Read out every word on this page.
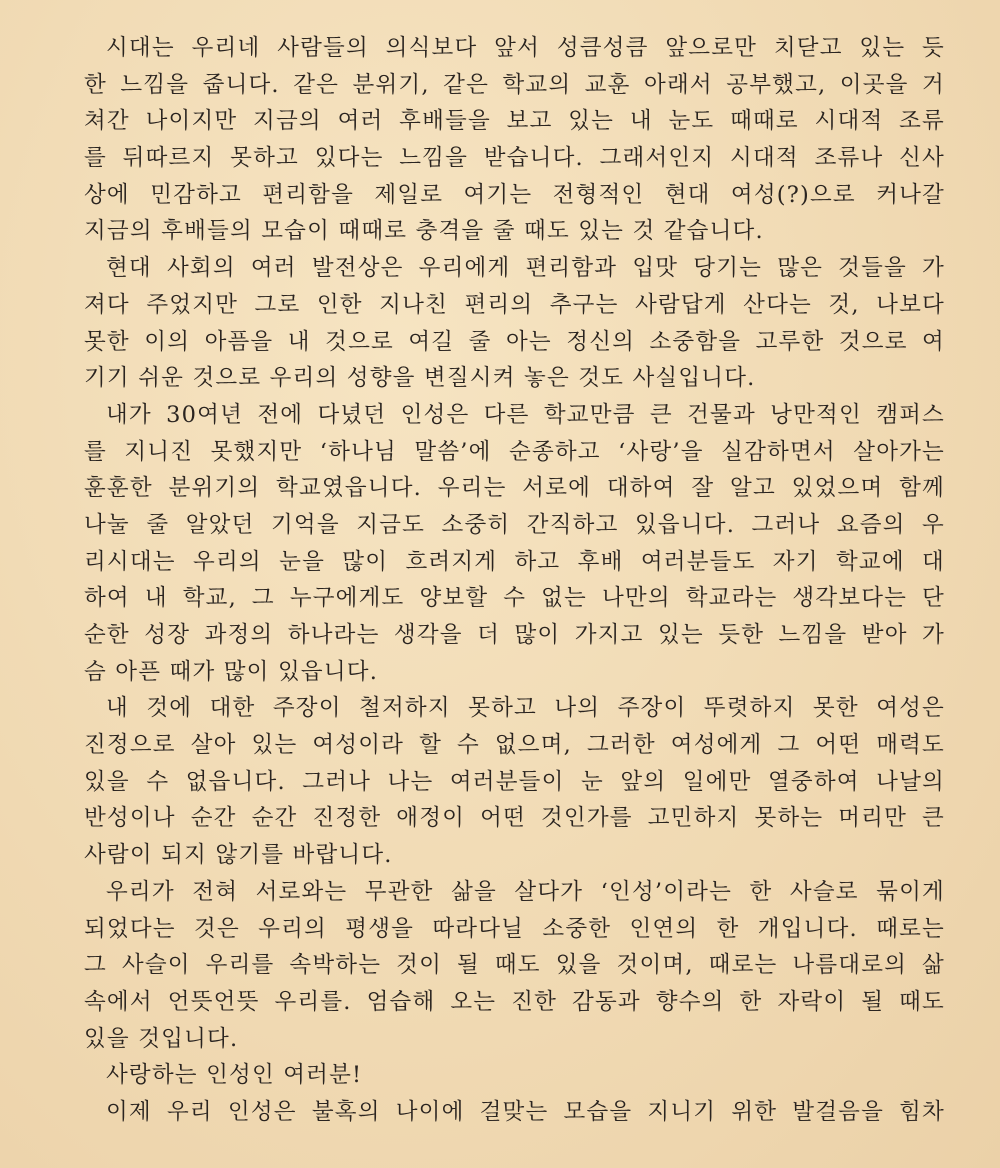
시대는 우리네 사람들의 의식보다 앞서 성큼성큼 앞으로만 치닫고 있는 듯
한 느낌을 줍니다. 같은 분위기, 같은 학교의 교훈 아래서 공부했고, 이곳을 거
쳐간 나이지만 지금의 여러 후배들을 보고 있는 내 눈도 때때로 시대적 조류
를 뒤따르지 못하고 있다는 느낌을 받습니다. 그래서인지 시대적 조류나 신사
상에 민감하고 편리함을 제일로 여기는 전형적인 현대 여성(?)으로 커나갈
지금의 후배들의 모습이 때때로 충격을 줄 때도 있는 것 같습니다.
현대 사회의 여러 발전상은 우리에게 편리함과 입맛 당기는 많은 것들을 가
져다 주었지만 그로 인한 지나친 편리의 추구는 사람답게 산다는 것, 나보다
못한 이의 아픔을 내 것으로 여길 줄 아는 정신의 소중함을 고루한 것으로 여
기기 쉬운 것으로 우리의 성향을 변질시켜 놓은 것도 사실입니다.
내가 30여년 전에 다녔던 인성은 다른 학교만큼 큰 건물과 낭만적인 캠퍼스
를 지니진 못했지만 ‘하나님 말씀’에 순종하고 ‘사랑’을 실감하면서 살아가는
훈훈한 분위기의 학교였읍니다. 우리는 서로에 대하여 잘 알고 있었으며 함께
나눌 줄 알았던 기억을 지금도 소중히 간직하고 있읍니다. 그러나 요즘의 우
리시대는 우리의 눈을 많이 흐려지게 하고 후배 여러분들도 자기 학교에 대
하여 내 학교, 그 누구에게도 양보할 수 없는 나만의 학교라는 생각보다는 단
순한 성장 과정의 하나라는 생각을 더 많이 가지고 있는 듯한 느낌을 받아 가
슴 아픈 때가 많이 있읍니다.
내 것에 대한 주장이 철저하지 못하고 나의 주장이 뚜렷하지 못한 여성은
진정으로 살아 있는 여성이라 할 수 없으며, 그러한 여성에게 그 어떤 매력도
있을 수 없읍니다. 그러나 나는 여러분들이 눈 앞의 일에만 열중하여 나날의
반성이나 순간 순간 진정한 애정이 어떤 것인가를 고민하지 못하는 머리만 큰
사람이 되지 않기를 바랍니다.
우리가 전혀 서로와는 무관한 삶을 살다가 ‘인성’이라는 한 사슬로 묶이게
되었다는 것은 우리의 평생을 따라다닐 소중한 인연의 한 개입니다. 때로는
그 사슬이 우리를 속박하는 것이 될 때도 있을 것이며, 때로는 나름대로의 삶
속에서 언뜻언뜻 우리를. 엄습해 오는 진한 감동과 향수의 한 자락이 될 때도
있을 것입니다.
사랑하는 인성인 여러분!
이제 우리 인성은 불혹의 나이에 걸맞는 모습을 지니기 위한 발걸음을 힘차
